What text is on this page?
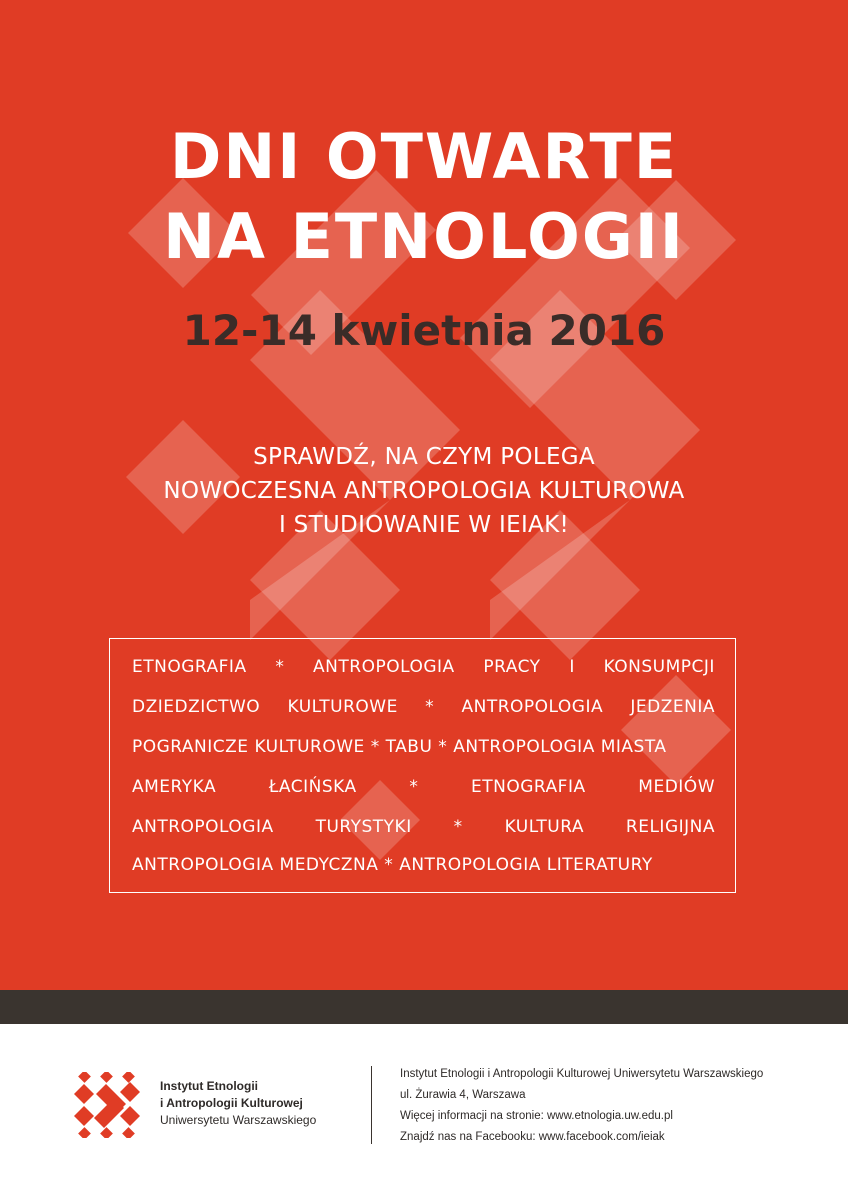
DNI OTWARTE
NA ETNOLOGII
12-14 kwietnia 2016
SPRAWDŹ, NA CZYM POLEGA
NOWOCZESNA ANTROPOLOGIA KULTUROWA
I STUDIOWANIE W IEIAK!
ETNOGRAFIA * ANTROPOLOGIA PRACY I KONSUMPCJI
DZIEDZICTWO KULTUROWE * ANTROPOLOGIA JEDZENIA
POGRANICZE KULTUROWE * TABU * ANTROPOLOGIA MIASTA
AMERYKA	ŁACIŃSKA	*	ETNOGRAFIA	MEDIÓW
ANTROPOLOGIA TURYSTYKI * KULTURA RELIGIJNA
ANTROPOLOGIA MEDYCZNA * ANTROPOLOGIA LITERATURY
Instytut Etnologii
i Antropologii Kulturowej
Uniwersytetu Warszawskiego
Instytut Etnologii i Antropologii Kulturowej Uniwersytetu Warszawskiego
ul. Żurawia 4, Warszawa
Więcej informacji na stronie: www.etnologia.uw.edu.pl
Znajdź nas na Facebooku: www.facebook.com/ieiak
